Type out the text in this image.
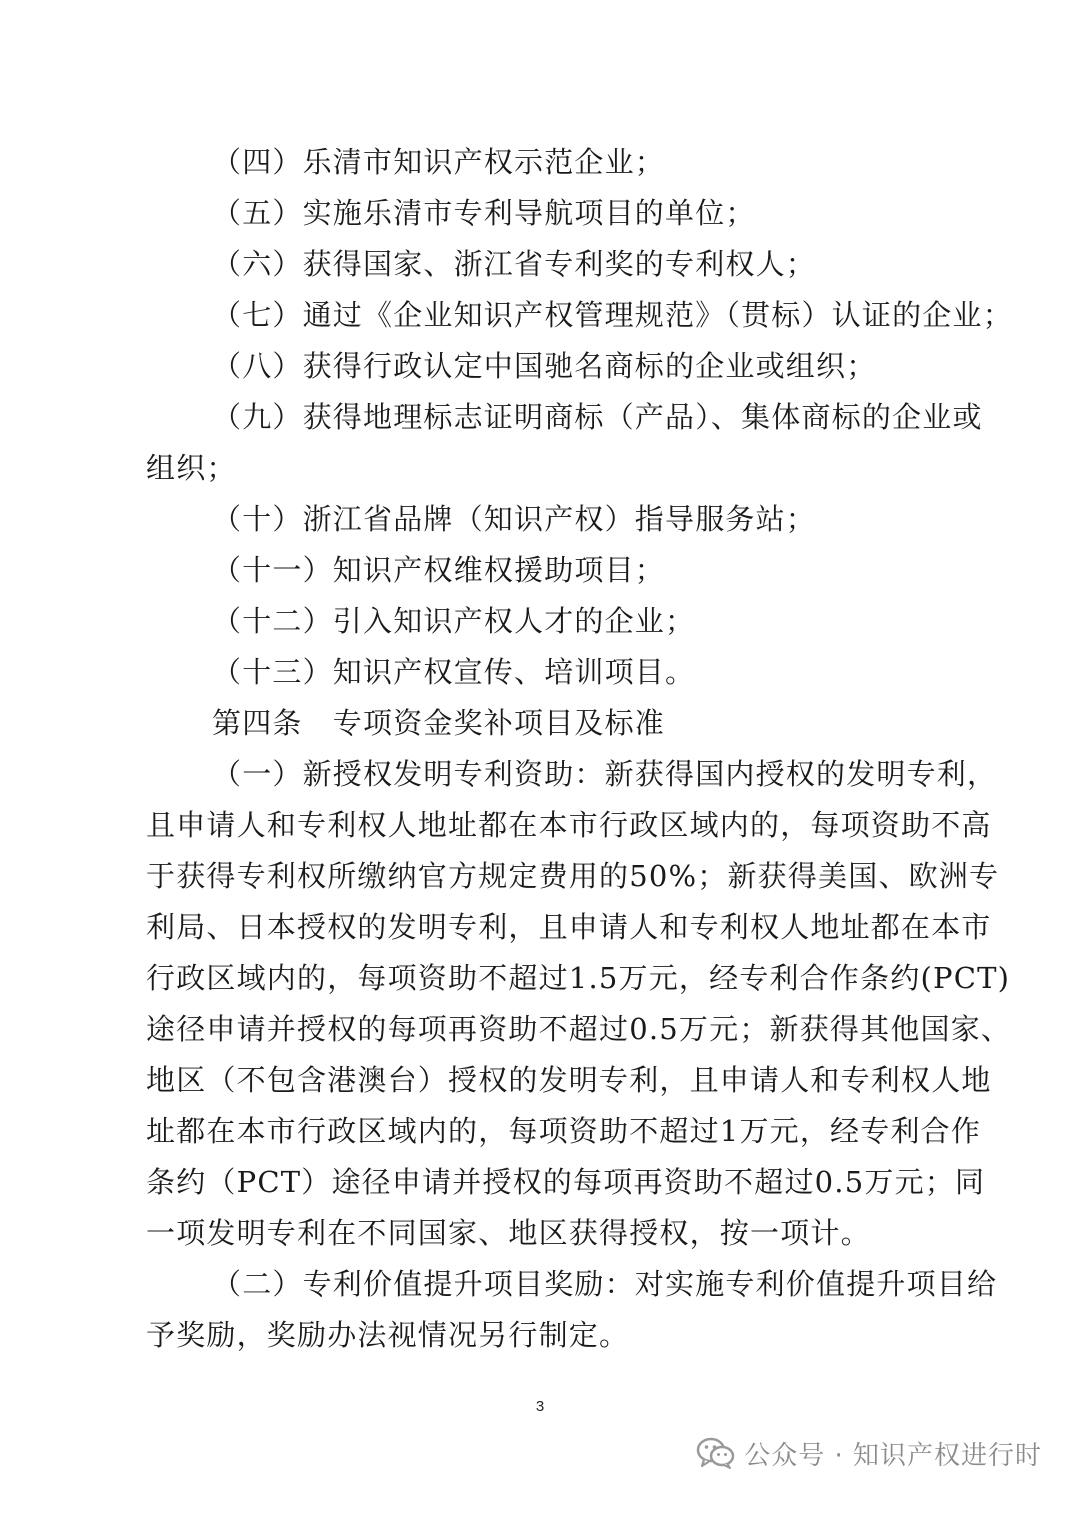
（四）乐清市知识产权示范企业；
（五）实施乐清市专利导航项目的单位；
（六）获得国家、浙江省专利奖的专利权人；
（七）通过《企业知识产权管理规范》（贯标）认证的企业；
（八）获得行政认定中国驰名商标的企业或组织；
（九）获得地理标志证明商标（产品）、集体商标的企业或
组织；
（十）浙江省品牌（知识产权）指导服务站；
（十一）知识产权维权援助项目；
（十二）引入知识产权人才的企业；
（十三）知识产权宣传、培训项目。
第四条　专项资金奖补项目及标准
（一）新授权发明专利资助：新获得国内授权的发明专利，
且申请人和专利权人地址都在本市行政区域内的，每项资助不高
于获得专利权所缴纳官方规定费用的50%；新获得美国、欧洲专
利局、日本授权的发明专利，且申请人和专利权人地址都在本市
行政区域内的，每项资助不超过1.5万元，经专利合作条约(PCT)
途径申请并授权的每项再资助不超过0.5万元；新获得其他国家、
地区（不包含港澳台）授权的发明专利，且申请人和专利权人地
址都在本市行政区域内的，每项资助不超过1万元，经专利合作
条约（PCT）途径申请并授权的每项再资助不超过0.5万元；同
一项发明专利在不同国家、地区获得授权，按一项计。
（二）专利价值提升项目奖励：对实施专利价值提升项目给
予奖励，奖励办法视情况另行制定。
3
公众号 · 知识产权进行时
